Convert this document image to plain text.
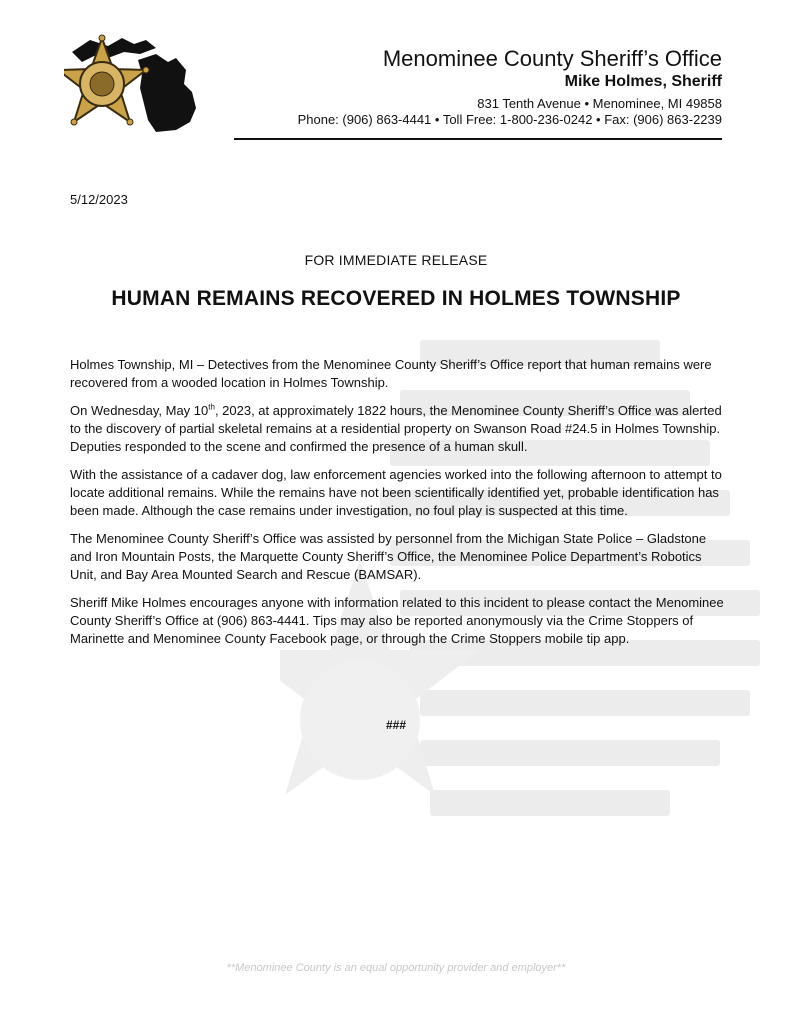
Menominee County Sheriff’s Office
Mike Holmes, Sheriff
831 Tenth Avenue • Menominee, MI 49858
Phone: (906) 863-4441 • Toll Free: 1-800-236-0242 • Fax: (906) 863-2239
5/12/2023
FOR IMMEDIATE RELEASE
HUMAN REMAINS RECOVERED IN HOLMES TOWNSHIP

Holmes Township, MI – Detectives from the Menominee County Sheriff’s Office report that human remains were recovered from a wooded location in Holmes Township.

On Wednesday, May 10th, 2023, at approximately 1822 hours, the Menominee County Sheriff’s Office was alerted to the discovery of partial skeletal remains at a residential property on Swanson Road #24.5 in Holmes Township. Deputies responded to the scene and confirmed the presence of a human skull.

With the assistance of a cadaver dog, law enforcement agencies worked into the following afternoon to attempt to locate additional remains. While the remains have not been scientifically identified yet, probable identification has been made. Although the case remains under investigation, no foul play is suspected at this time.

The Menominee County Sheriff’s Office was assisted by personnel from the Michigan State Police – Gladstone and Iron Mountain Posts, the Marquette County Sheriff’s Office, the Menominee Police Department’s Robotics Unit, and Bay Area Mounted Search and Rescue (BAMSAR).

Sheriff Mike Holmes encourages anyone with information related to this incident to please contact the Menominee County Sheriff’s Office at (906) 863-4441. Tips may also be reported anonymously via the Crime Stoppers of Marinette and Menominee County Facebook page, or through the Crime Stoppers mobile tip app.

###
**Menominee County is an equal opportunity provider and employer**
